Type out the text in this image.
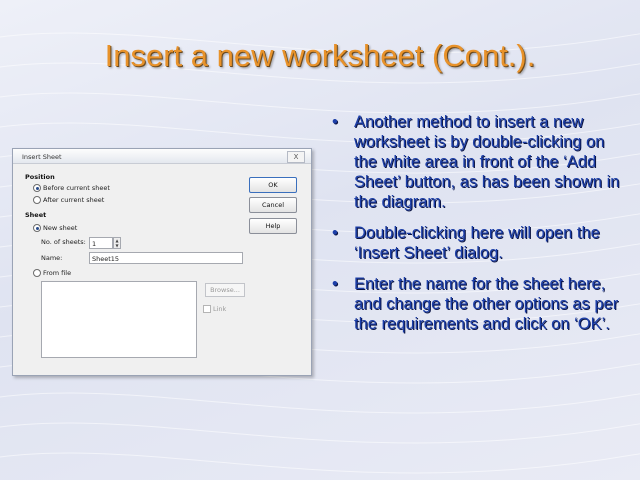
Insert a new worksheet (Cont.).
Insert Sheet	X
Position
Before current sheet
After current sheet
Sheet
New sheet
No. of sheets: 1	▲
▼
Name:	Sheet15
From file
Browse...
Link
OK
Cancel
Help
• Another method to insert a new worksheet is by double-clicking on the white area in front of the ‘Add Sheet’ button, as has been shown in the diagram.
• Double-clicking here will open the ‘Insert Sheet’ dialog.
• Enter the name for the sheet here, and change the other options as per the requirements and click on ‘OK’.
